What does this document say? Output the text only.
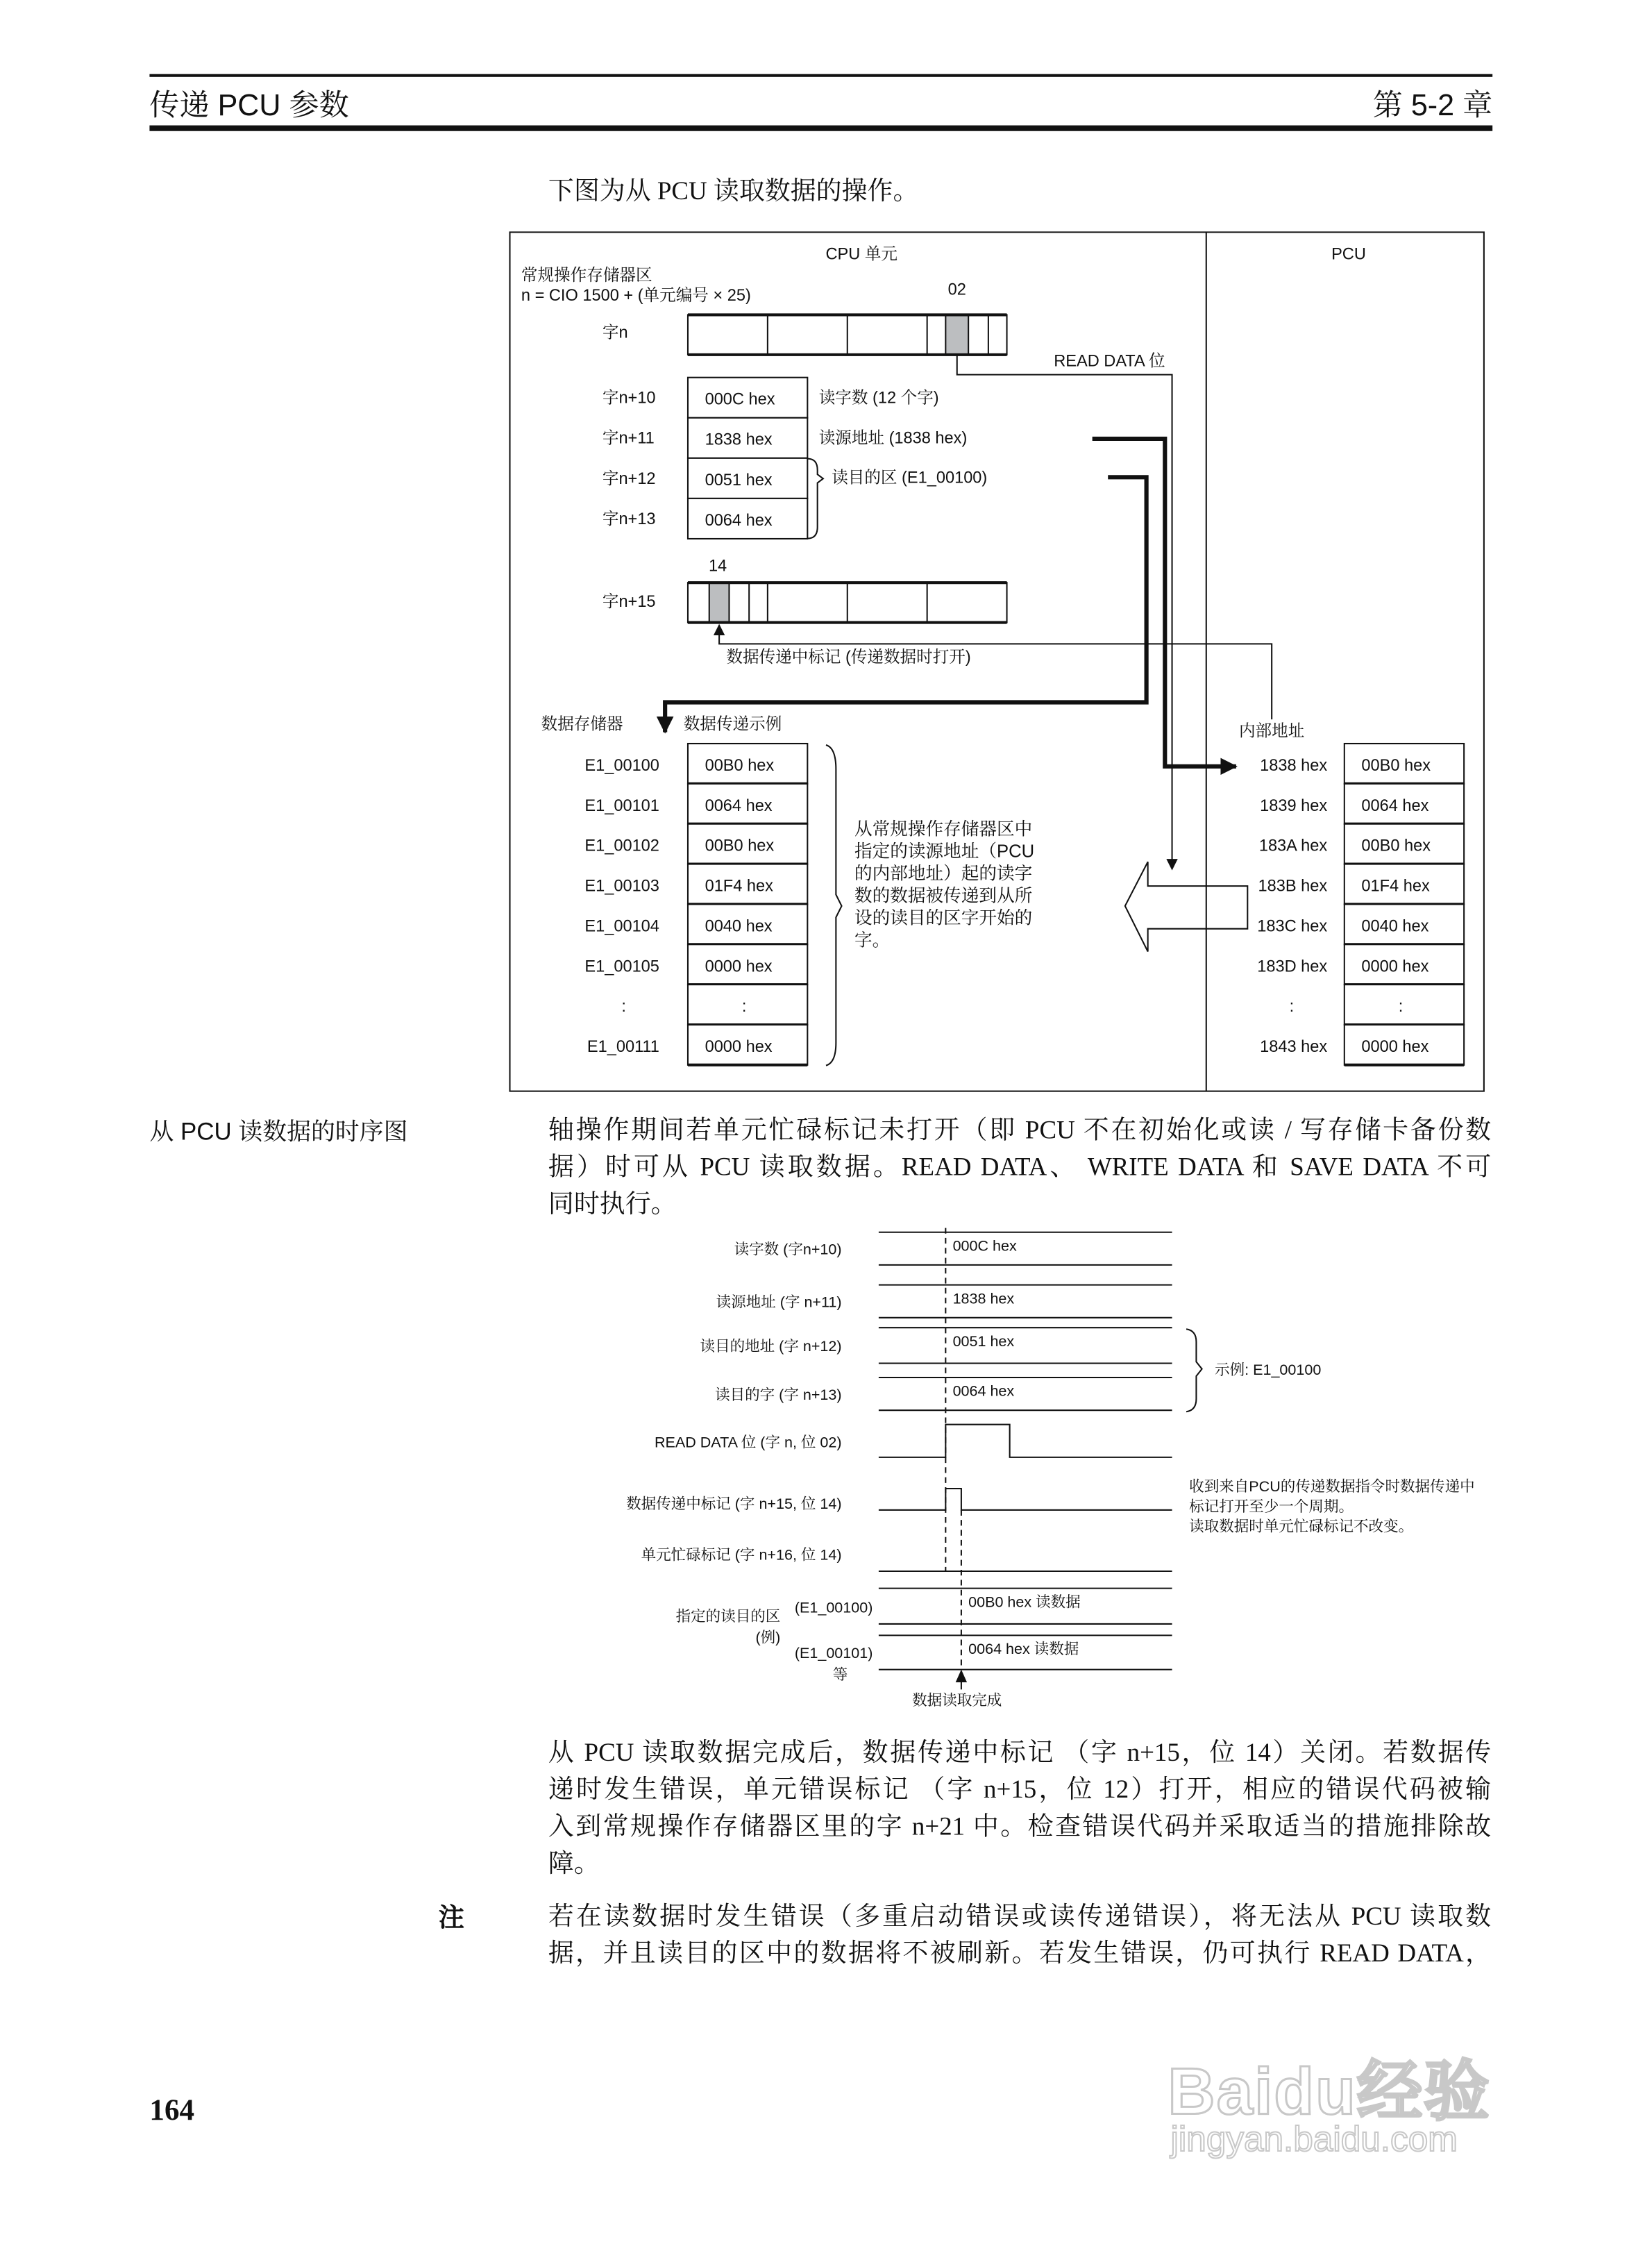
传递 PCU 参数	第 5-2 章
下图为从 PCU 读取数据的操作。
CPU 单元	PCU
常规操作存储器区
n = CIO 1500 + (单元编号 × 25)	02
字n
READ DATA 位
字n+10	000C hex	读字数 (12 个字)
字n+11	1838 hex	读源地址 (1838 hex)
字n+12	0051 hex
字n+13	0064 hex
读目的区 (E1_00100)
14
字n+15
数据传递中标记 (传递数据时打开)
数据存储器	数据传递示例	内部地址
E1_00100	00B0 hex
E1_00101	0064 hex
E1_00102	00B0 hex
E1_00103	01F4 hex
E1_00104	0040 hex
E1_00105	0000 hex
:	:
E1_00111	0000 hex
1838 hex	00B0 hex
1839 hex	0064 hex
183A hex	00B0 hex
183B hex	01F4 hex
183C hex	0040 hex
183D hex	0000 hex
:	:
1843 hex	0000 hex
从常规操作存储器区中
指定的读源地址（PCU
的内部地址）起的读字
数的数据被传递到从所
设的读目的区字开始的
字。
从 PCU 读数据的时序图	轴操作期间若单元忙碌标记未打开（即 PCU 不在初始化或读 / 写存储卡备份数
据）时可从 PCU 读取数据。READ DATA、 WRITE DATA 和 SAVE DATA 不可
同时执行。
读字数 (字n+10)	000C hex
读源地址 (字 n+11)	1838 hex
读目的地址 (字 n+12)	0051 hex
读目的字 (字 n+13)	0064 hex
00B0 hex 读数据
0064 hex 读数据
READ DATA 位 (字 n, 位 02)
数据传递中标记 (字 n+15, 位 14)
单元忙碌标记 (字 n+16, 位 14)
指定的读目的区
(例)
(E1_00100)
(E1_00101)
等
数据读取完成
示例: E1_00100
收到来自PCU的传递数据指令时数据传递中
标记打开至少一个周期。
读取数据时单元忙碌标记不改变。
从 PCU 读取数据完成后，数据传递中标记 （字 n+15，位 14）关闭。若数据传
递时发生错误，单元错误标记 （字 n+15，位 12）打开，相应的错误代码被输
入到常规操作存储器区里的字 n+21 中。检查错误代码并采取适当的措施排除故
障。
注	若在读数据时发生错误（多重启动错误或读传递错误），将无法从 PCU 读取数
据，并且读目的区中的数据将不被刷新。若发生错误，仍可执行 READ DATA，
164	Baidu经验
jingyan.baidu.com
